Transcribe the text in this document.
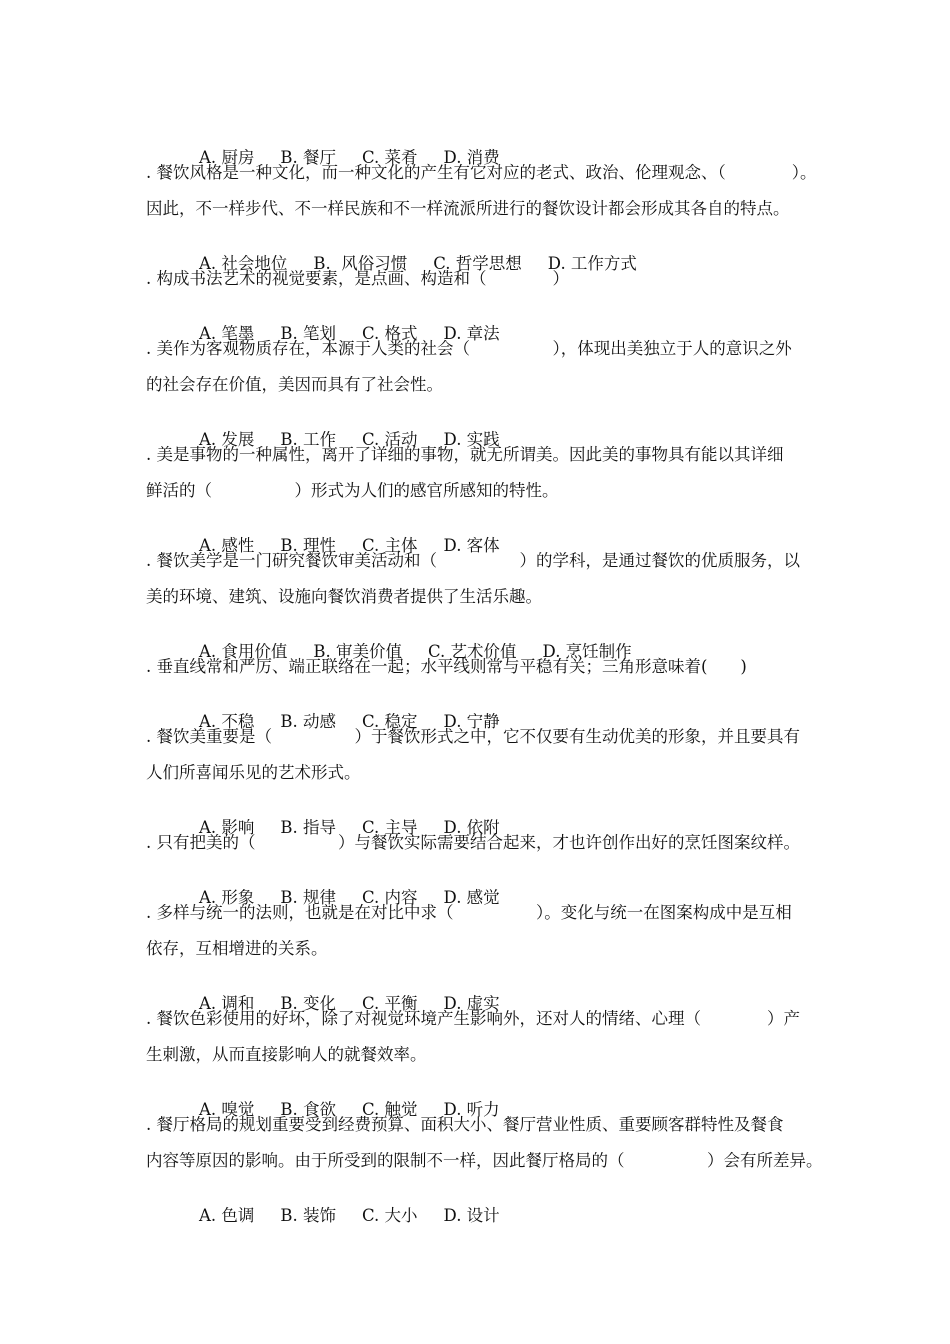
A. 厨房 B. 餐厅 C. 菜肴 D. 消费

. 餐饮风格是一种文化，而一种文化的产生有它对应的老式、政治、伦理观念、（　　　　）。
因此，不一样步代、不一样民族和不一样流派所进行的餐饮设计都会形成其各自的特点。

A. 社会地位 B.  风俗习惯 C. 哲学思想 D. 工作方式

. 构成书法艺术的视觉要素，是点画、构造和（　　　　）

A. 笔墨 B. 笔划 C. 格式 D. 章法

. 美作为客观物质存在，本源于人类的社会（　　　　　），体现出美独立于人的意识之外
的社会存在价值，美因而具有了社会性。

A. 发展 B. 工作 C. 活动 D. 实践

. 美是事物的一种属性，离开了详细的事物，就无所谓美。因此美的事物具有能以其详细
鲜活的（　　　　　）形式为人们的感官所感知的特性。

A. 感性 B. 理性 C. 主体 D. 客体

. 餐饮美学是一门研究餐饮审美活动和（　　　　　）的学科，是通过餐饮的优质服务，以
美的环境、建筑、设施向餐饮消费者提供了生活乐趣。

A. 食用价值 B. 审美价值 C. 艺术价值 D. 烹饪制作

. 垂直线常和严厉、端正联络在一起；水平线则常与平稳有关；三角形意味着(　　)

A. 不稳 B. 动感 C. 稳定 D. 宁静

. 餐饮美重要是（　　　　　）于餐饮形式之中，它不仅要有生动优美的形象，并且要具有
人们所喜闻乐见的艺术形式。

A. 影响 B. 指导 C. 主导 D. 依附

. 只有把美的（　　　　　）与餐饮实际需要结合起来，才也许创作出好的烹饪图案纹样。

A. 形象 B. 规律 C. 内容 D. 感觉

. 多样与统一的法则，也就是在对比中求（　　　　　）。变化与统一在图案构成中是互相
依存，互相增进的关系。

A. 调和 B. 变化 C. 平衡 D. 虚实

. 餐饮色彩使用的好坏，除了对视觉环境产生影响外，还对人的情绪、心理（　　　　）产
生刺激，从而直接影响人的就餐效率。

A. 嗅觉 B. 食欲 C. 触觉 D. 听力

. 餐厅格局的规划重要受到经费预算、面积大小、餐厅营业性质、重要顾客群特性及餐食
内容等原因的影响。由于所受到的限制不一样，因此餐厅格局的（　　　　　）会有所差异。

A. 色调 B. 装饰 C. 大小 D. 设计
